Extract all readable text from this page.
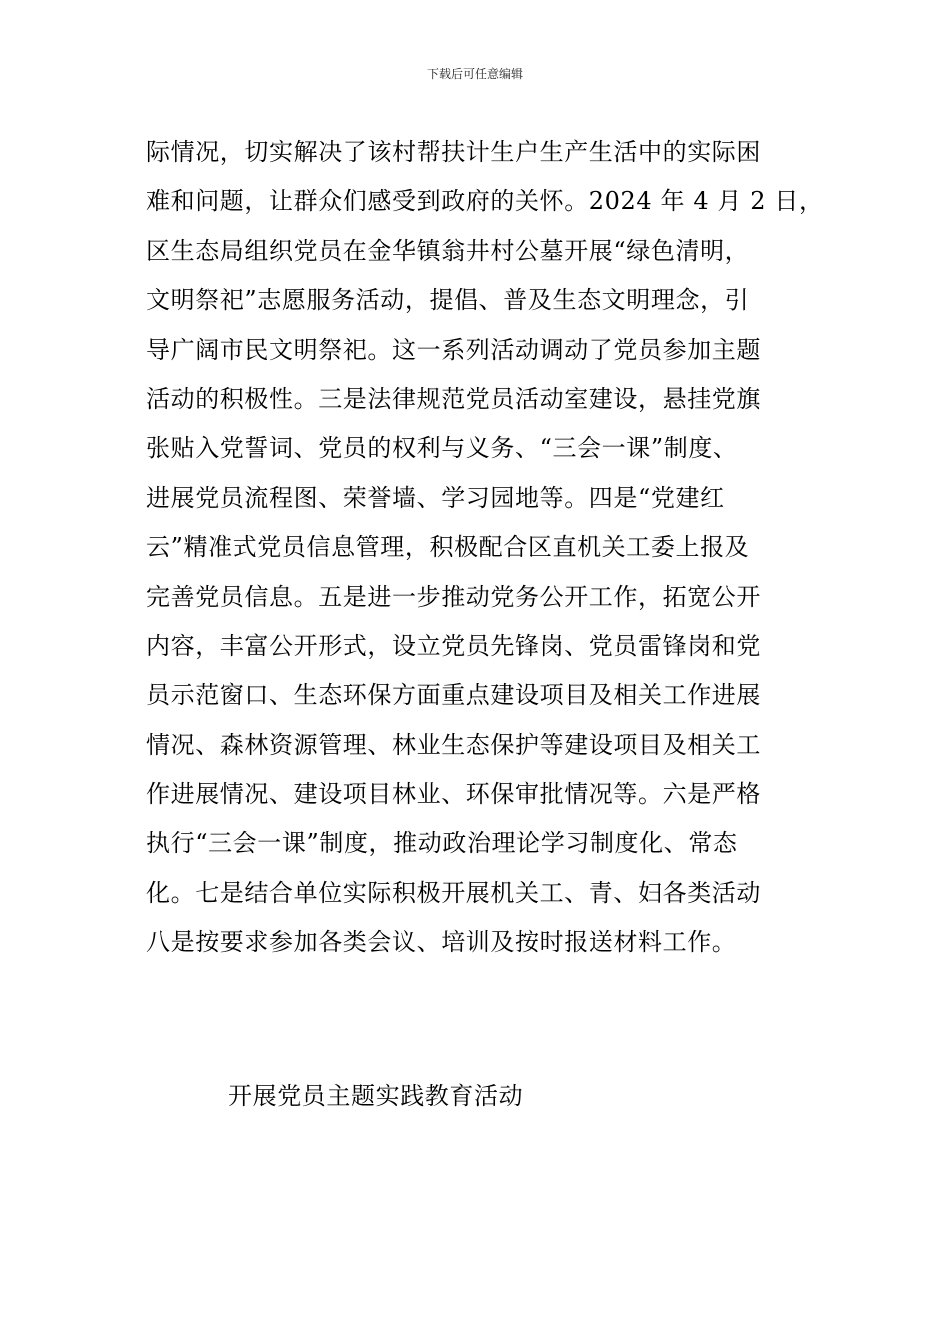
下载后可任意编辑
际情况，切实解决了该村帮扶计生户生产生活中的实际困
难和问题，让群众们感受到政府的关怀。2024 年 4 月 2 日，
区生态局组织党员在金华镇翁井村公墓开展“绿色清明，
文明祭祀”志愿服务活动，提倡、普及生态文明理念，引
导广阔市民文明祭祀。这一系列活动调动了党员参加主题
活动的积极性。三是法律规范党员活动室建设，悬挂党旗
张贴入党誓词、党员的权利与义务、“三会一课”制度、
进展党员流程图、荣誉墙、学习园地等。四是“党建红
云”精准式党员信息管理，积极配合区直机关工委上报及
完善党员信息。五是进一步推动党务公开工作，拓宽公开
内容，丰富公开形式，设立党员先锋岗、党员雷锋岗和党
员示范窗口、生态环保方面重点建设项目及相关工作进展
情况、森林资源管理、林业生态保护等建设项目及相关工
作进展情况、建设项目林业、环保审批情况等。六是严格
执行“三会一课”制度，推动政治理论学习制度化、常态
化。七是结合单位实际积极开展机关工、青、妇各类活动
八是按要求参加各类会议、培训及按时报送材料工作。
开展党员主题实践教育活动
